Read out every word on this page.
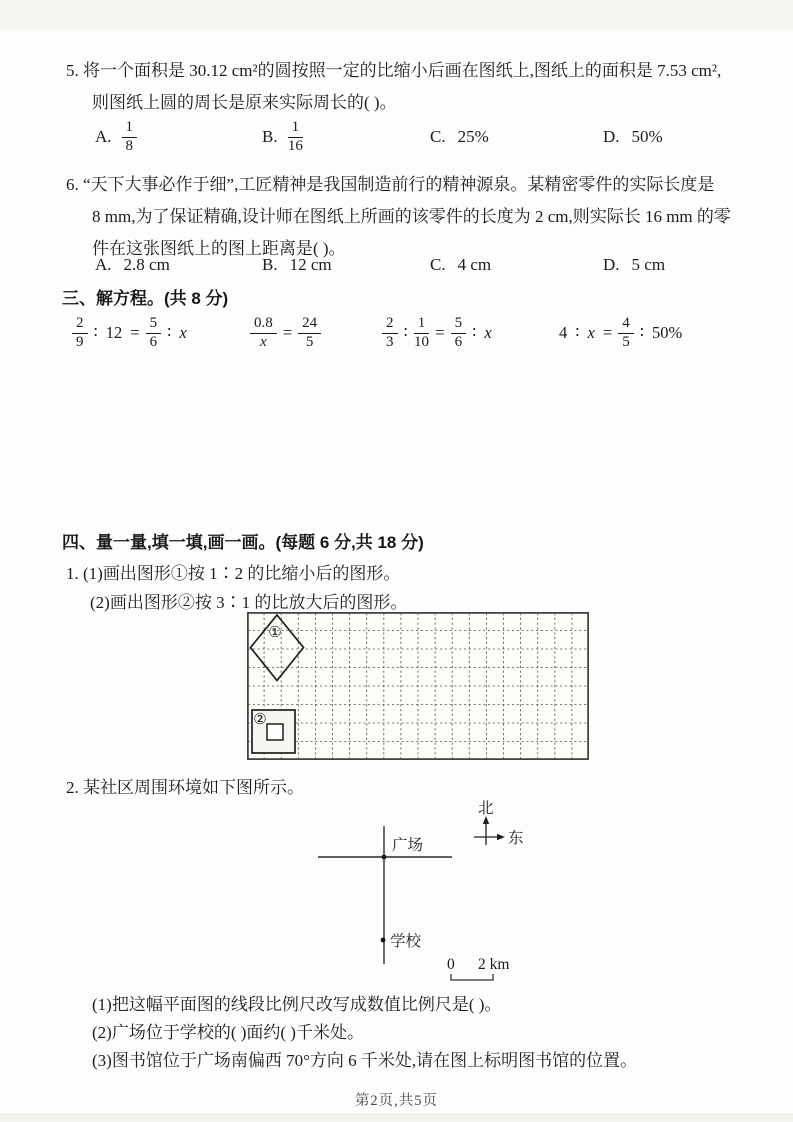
5. 将一个面积是 30.12 cm²的圆按照一定的比缩小后画在图纸上,图纸上的面积是 7.53 cm²,
则图纸上圆的周长是原来实际周长的( )。
A. $\frac{1}{8}$	B. $\frac{1}{16}$	C. 25%	D. 50%
6. “天下大事必作于细”,工匠精神是我国制造前行的精神源泉。某精密零件的实际长度是
8 mm,为了保证精确,设计师在图纸上所画的该零件的长度为 2 cm,则实际长 16 mm 的零
件在这张图纸上的图上距离是( )。
A. 2.8 cm	B. 12 cm	C. 4 cm	D. 5 cm
三、解方程。(共 8 分)
$\frac{2}{9}$ ∶ $12 = \frac{5}{6}$ ∶ x	$\frac{0.8}{x} = \frac{24}{5}$	$\frac{2}{3}$ ∶ $\frac{1}{10} = \frac{5}{6}$ ∶ x	4 ∶ $x = \frac{4}{5}$ ∶ 50%
四、量一量,填一填,画一画。(每题 6 分,共 18 分)
1. (1)画出图形①按 1∶2 的比缩小后的图形。
(2)画出图形②按 3∶1 的比放大后的图形。
①
②
2. 某社区周围环境如下图所示。
广场
学校
北
东
0 2 km
(1)把这幅平面图的线段比例尺改写成数值比例尺是( )。
(2)广场位于学校的( )面约( )千米处。
(3)图书馆位于广场南偏西 70°方向 6 千米处,请在图上标明图书馆的位置。
第2页,共5页
